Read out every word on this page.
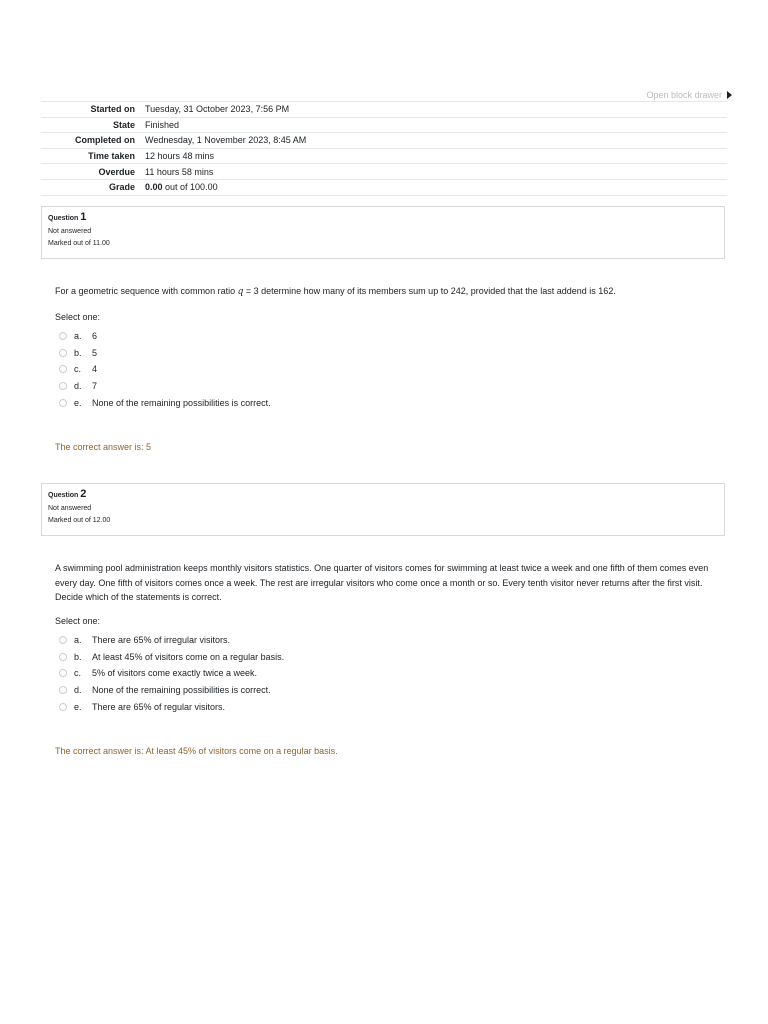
Open block drawer
Started on	Tuesday, 31 October 2023, 7:56 PM
State	Finished
Completed on	Wednesday, 1 November 2023, 8:45 AM
Time taken	12 hours 48 mins
Overdue	11 hours 58 mins
Grade	0.00 out of 100.00
Question 1
Not answered
Marked out of 11.00
For a geometric sequence with common ratio q = 3 determine how many of its members sum up to 242, provided that the last addend is 162.
Select one:
a.	6
b.	5
c.	4
d.	7
e.	None of the remaining possibilities is correct.
The correct answer is: 5
Question 2
Not answered
Marked out of 12.00
A swimming pool administration keeps monthly visitors statistics. One quarter of visitors comes for swimming at least twice a week and one fifth of them comes even every day. One fifth of visitors comes once a week. The rest are irregular visitors who come once a month or so. Every tenth visitor never returns after the first visit. Decide which of the statements is correct.
Select one:
a.	There are 65% of irregular visitors.
b.	At least 45% of visitors come on a regular basis.
c.	5% of visitors come exactly twice a week.
d.	None of the remaining possibilities is correct.
e.	There are 65% of regular visitors.
The correct answer is: At least 45% of visitors come on a regular basis.
